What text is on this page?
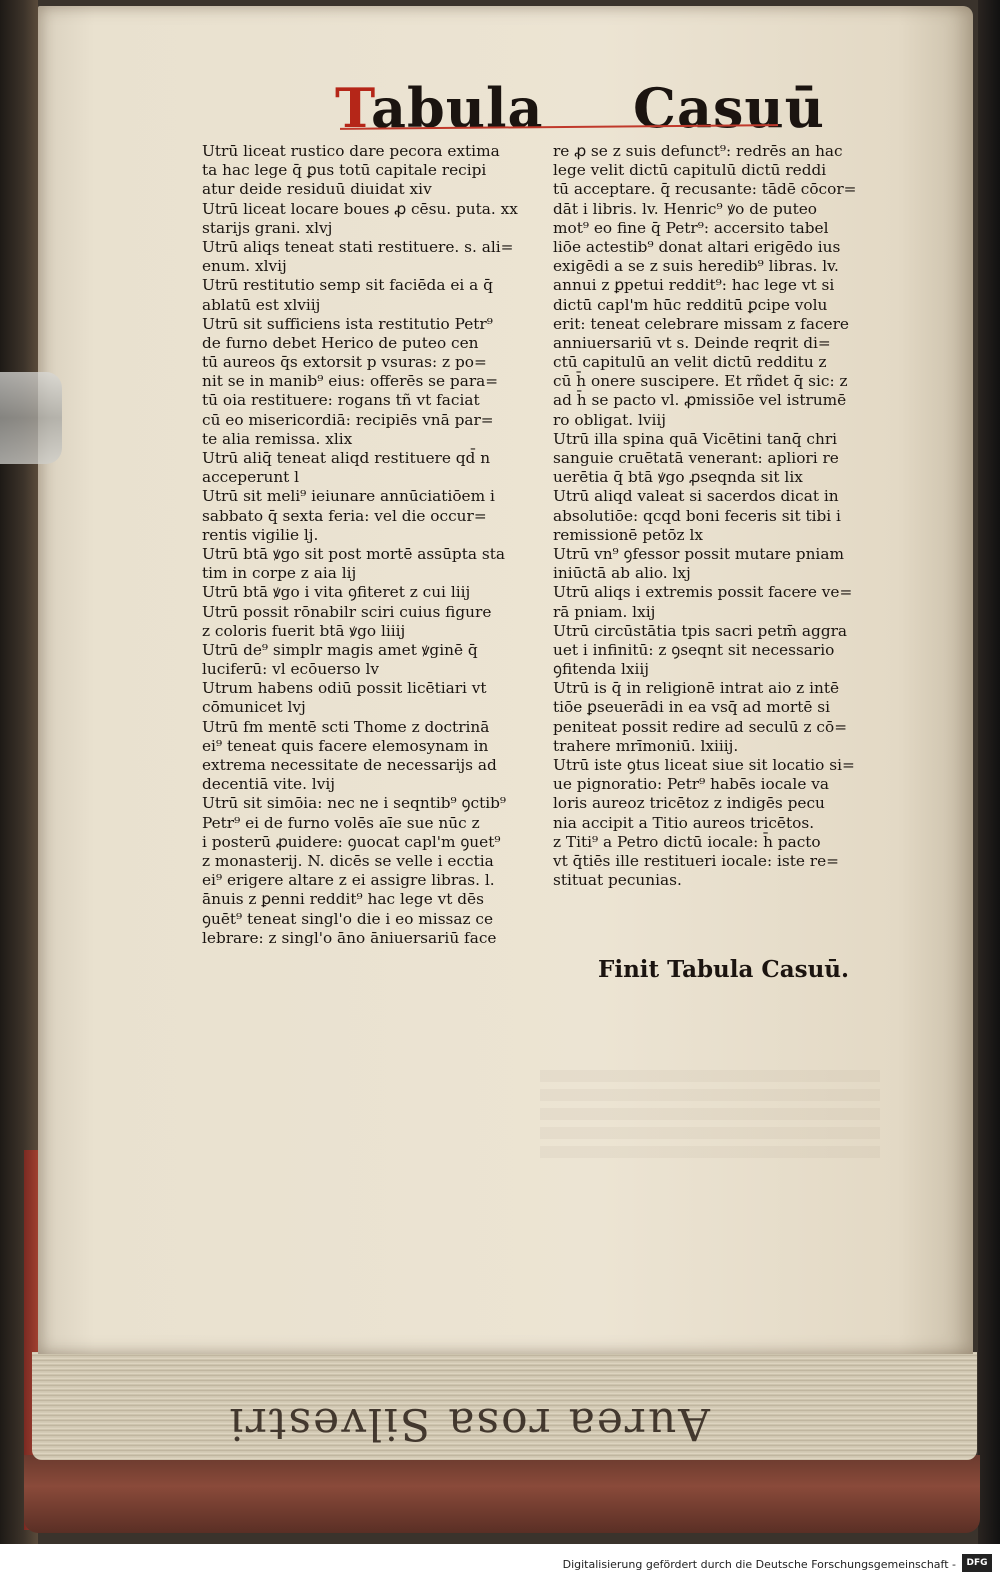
Aurea rosa Silvestri
Tabula Casuū
Utrū liceat rustico dare pecora extima
ta hac lege q̄ ꝑus totū capitale recipi
atur deide residuū diuidat xiv
Utrū liceat locare boues ꝓ cēsu. puta. xx
starijs grani. xlvj
Utrū aliqs teneat stati restituere. s. ali=
enum. xlvij
Utrū restitutio semp sit faciēda ei a q̄
ablatū est xlviij
Utrū sit sufficiens ista restitutio Petr⁹
de furno debet Herico de puteo cen
tū aureos q̄s extorsit p vsuras: z po=
nit se in manib⁹ eius: offerēs se para=
tū oia restituere: rogans tñ vt faciat
cū eo misericordiā: recipiēs vnā par=
te alia remissa. xlix
Utrū aliq̄ teneat aliqd restituere qd̄ n
acceperunt l
Utrū sit meli⁹ ieiunare annūciatiōem i
sabbato q̄ sexta feria: vel die occur=
rentis vigilie lj.
Utrū btā ꝟgo sit post mortē assūpta sta
tim in corpe z aia lij
Utrū btā ꝟgo i vita ꝯfiteret z cui liij
Utrū possit rōnabilr sciri cuius figure
z coloris fuerit btā ꝟgo liiij
Utrū de⁹ simplr magis amet ꝟginē q̄
luciferū: vl ecōuerso lv
Utrum habens odiū possit licētiari vt
cōmunicet lvj
Utrū fm mentē scti Thome z doctrinā
ei⁹ teneat quis facere elemosynam in
extrema necessitate de necessarijs ad
decentiā vite. lvij
Utrū sit simōia: nec ne i seqntib⁹ ꝯctib⁹
Petr⁹ ei de furno volēs aīe sue nūc z
i posterū ꝓuidere: ꝯuocat capl'm ꝯuet⁹
z monasterij. N. dicēs se velle i ecctia
ei⁹ erigere altare z ei assigre libras. l.
ānuis z ꝑenni reddit⁹ hac lege vt dēs
ꝯuēt⁹ teneat singl'o die i eo missaz ce
lebrare: z singl'o āno āniuersariū face
re ꝓ se z suis defunct⁹: redrēs an hac
lege velit dictū capitulū dictū reddi
tū acceptare. q̄ recusante: tādē cōcor=
dāt i libris. lv. Henric⁹ ꝟo de puteo
mot⁹ eo fine q̄ Petr⁹: accersito tabel
liōe actestib⁹ donat altari erigēdo ius
exigēdi a se z suis heredib⁹ libras. lv.
annui z ꝑpetui reddit⁹: hac lege vt si
dictū capl'm hūc redditū ꝑcipe volu
erit: teneat celebrare missam z facere
anniuersariū vt s. Deinde reqrit di=
ctū capitulū an velit dictū redditu z
cū h̄ onere suscipere. Et rñdet q̄ sic: z
ad h̄ se pacto vl. ꝓmissiōe vel istrumē
ro obligat. lviij
Utrū illa spina quā Vicētini tanq̄ chri
sanguie cruētatā venerant: apliori re
uerētia q̄ btā ꝟgo ꝓseqnda sit lix
Utrū aliqd valeat si sacerdos dicat in
absolutiōe: qcqd boni feceris sit tibi i
remissionē petōz lx
Utrū vn⁹ ꝯfessor possit mutare pniam
iniūctā ab alio. lxj
Utrū aliqs i extremis possit facere ve=
rā pniam. lxij
Utrū circūstātia tpis sacri petm̄ aggra
uet i infinitū: z ꝯseqnt sit necessario
ꝯfitenda lxiij
Utrū is q̄ in religionē intrat aio z intē
tiōe ꝑseuerādi in ea vsq̄ ad mortē si
peniteat possit redire ad seculū z cō=
trahere mrīmoniū. lxiiij.
Utrū iste ꝯtus liceat siue sit locatio si=
ue pignoratio: Petr⁹ habēs iocale va
loris aureoz tricētoz z indigēs pecu
nia accipit a Titio aureos tricētos.
z Titi⁹ a Petro dictū iocale: h̄ pacto
vt q̄tiēs ille restitueri iocale: iste re=
stituat pecunias.
Finit Tabula Casuū.
Digitalisierung gefördert durch die Deutsche Forschungsgemeinschaft -	DFG
